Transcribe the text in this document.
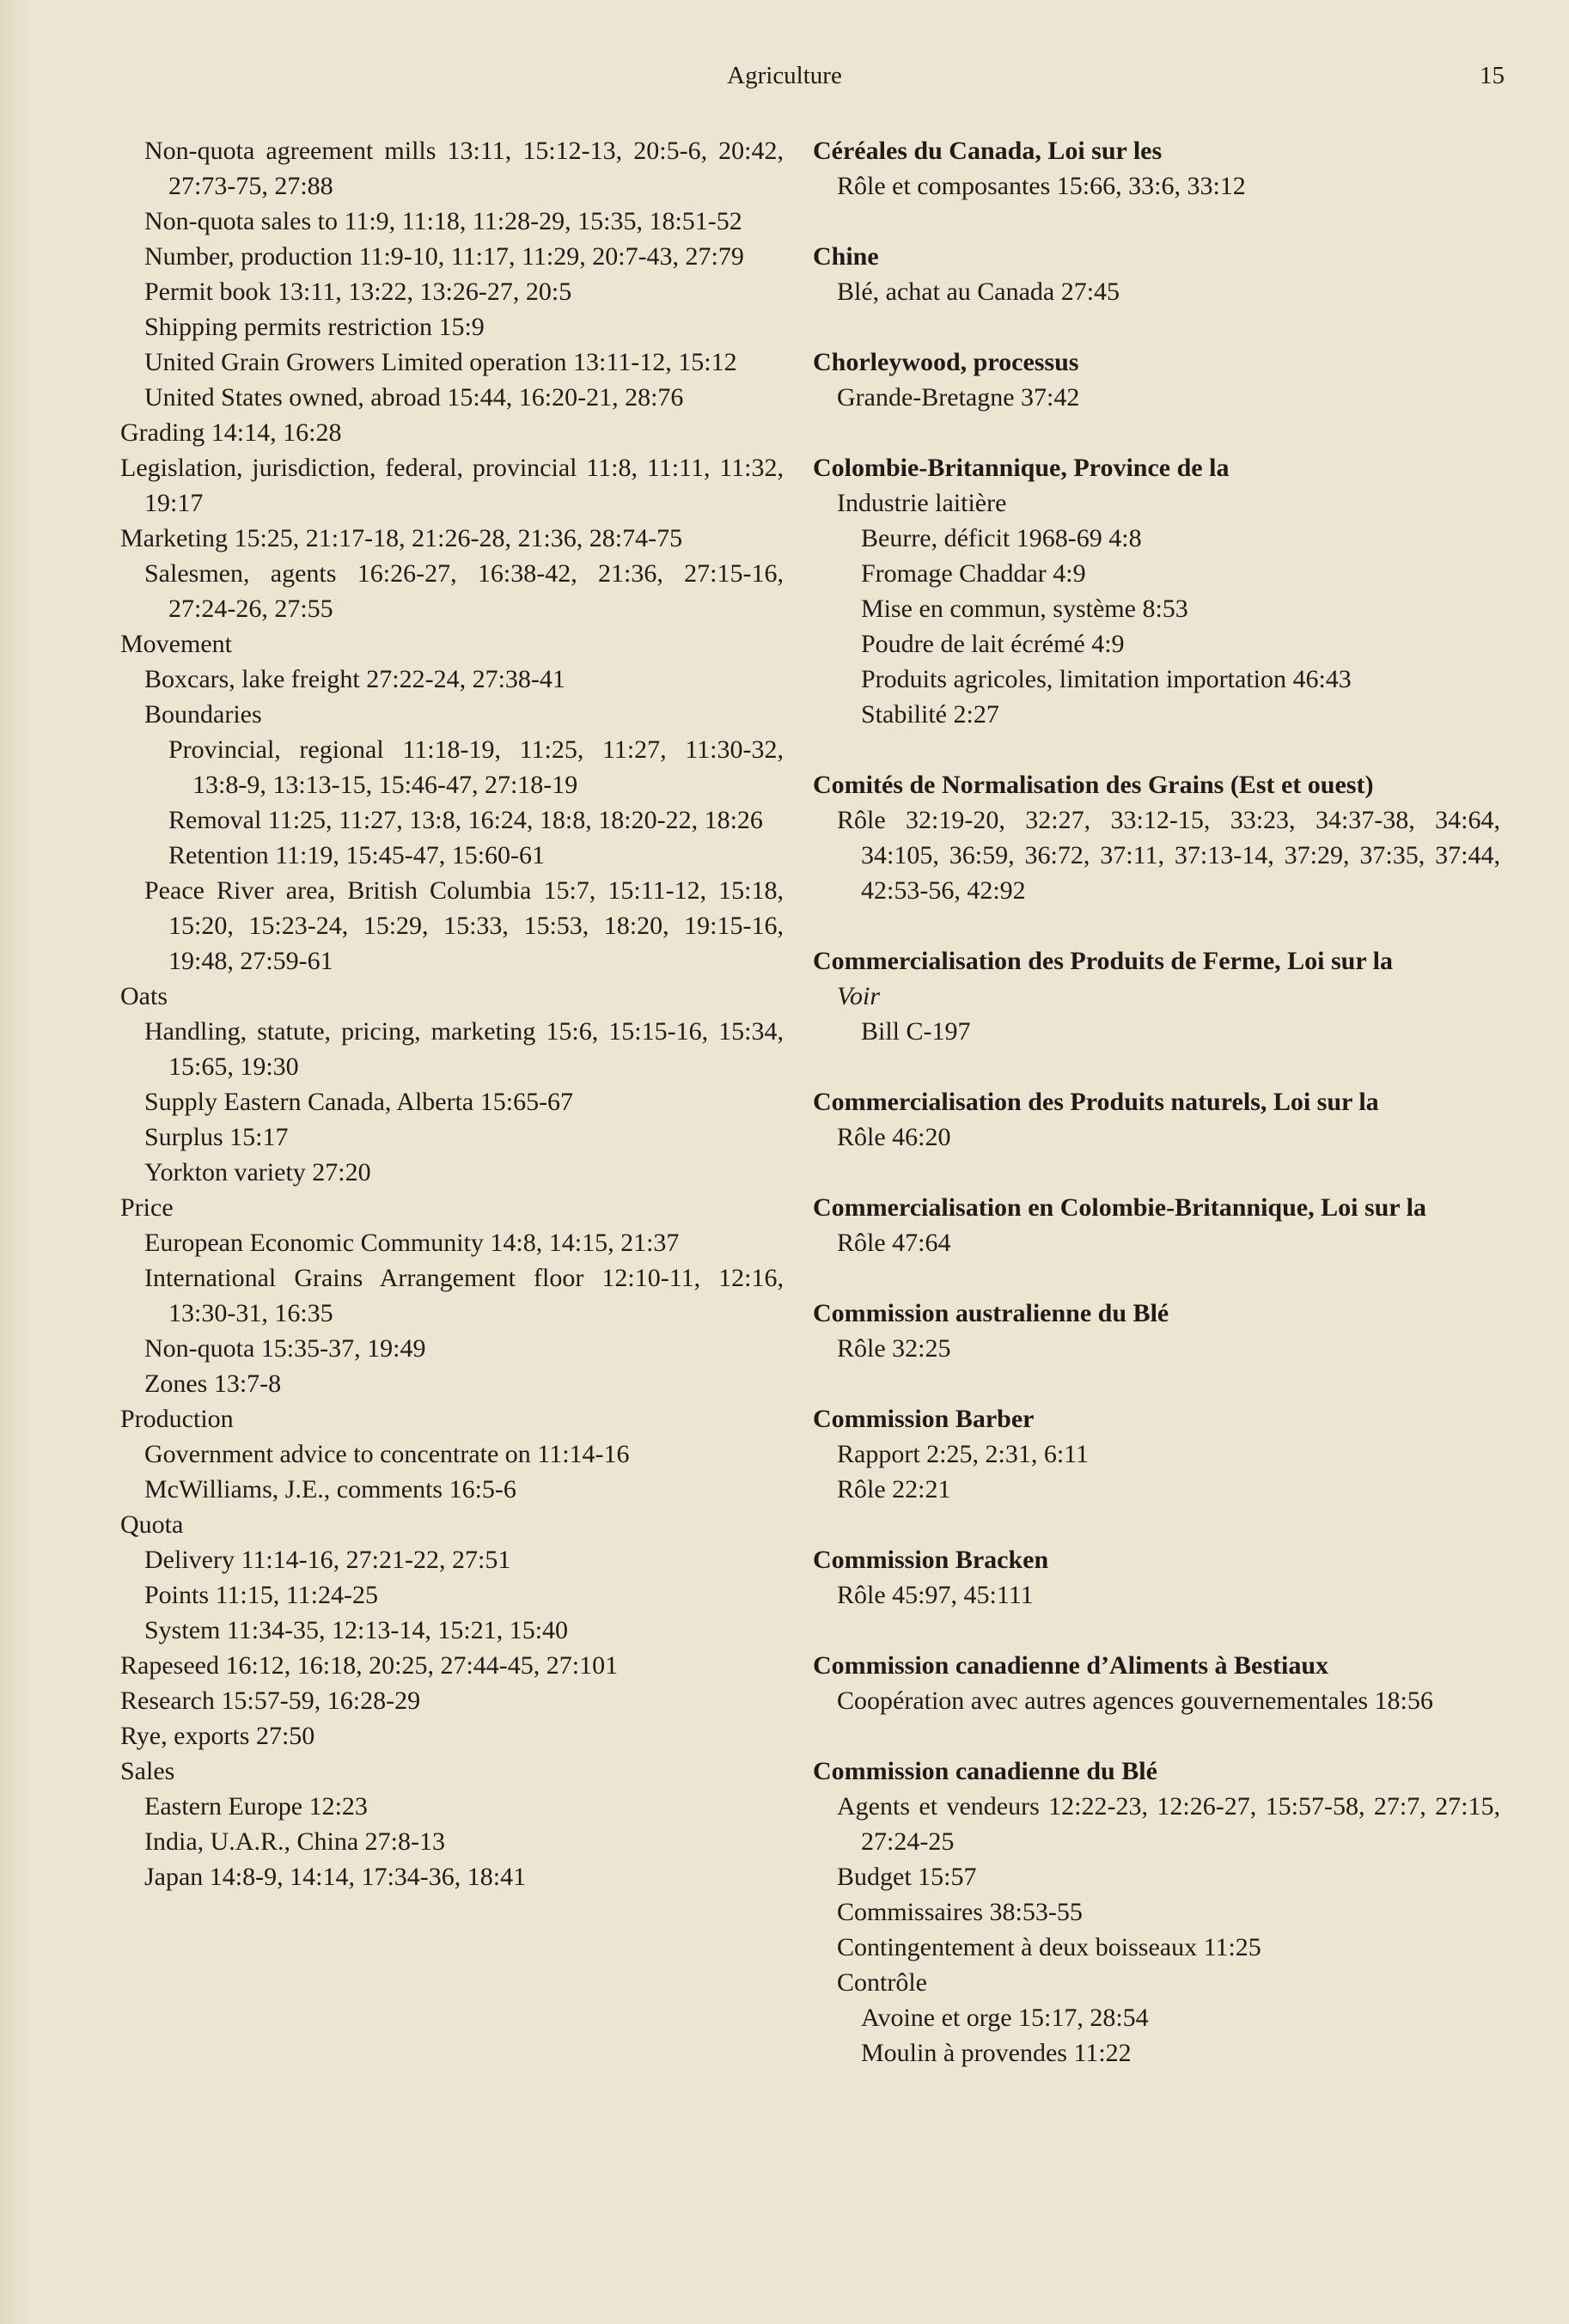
Agriculture	15
Non-quota agreement mills 13:11, 15:12-13, 20:5-6, 20:42, 27:73-75, 27:88
Non-quota sales to 11:9, 11:18, 11:28-29, 15:35, 18:51-52
Number, production 11:9-10, 11:17, 11:29, 20:7-43, 27:79
Permit book 13:11, 13:22, 13:26-27, 20:5
Shipping permits restriction 15:9
United Grain Growers Limited operation 13:11-12, 15:12
United States owned, abroad 15:44, 16:20-21, 28:76
Grading 14:14, 16:28
Legislation, jurisdiction, federal, provincial 11:8, 11:11, 11:32, 19:17
Marketing 15:25, 21:17-18, 21:26-28, 21:36, 28:74-75
Salesmen, agents 16:26-27, 16:38-42, 21:36, 27:15-16, 27:24-26, 27:55
Movement
Boxcars, lake freight 27:22-24, 27:38-41
Boundaries
Provincial, regional 11:18-19, 11:25, 11:27, 11:30-32, 13:8-9, 13:13-15, 15:46-47, 27:18-19
Removal 11:25, 11:27, 13:8, 16:24, 18:8, 18:20-22, 18:26
Retention 11:19, 15:45-47, 15:60-61
Peace River area, British Columbia 15:7, 15:11-12, 15:18, 15:20, 15:23-24, 15:29, 15:33, 15:53, 18:20, 19:15-16, 19:48, 27:59-61
Oats
Handling, statute, pricing, marketing 15:6, 15:15-16, 15:34, 15:65, 19:30
Supply Eastern Canada, Alberta 15:65-67
Surplus 15:17
Yorkton variety 27:20
Price
European Economic Community 14:8, 14:15, 21:37
International Grains Arrangement floor 12:10-11, 12:16, 13:30-31, 16:35
Non-quota 15:35-37, 19:49
Zones 13:7-8
Production
Government advice to concentrate on 11:14-16
McWilliams, J.E., comments 16:5-6
Quota
Delivery 11:14-16, 27:21-22, 27:51
Points 11:15, 11:24-25
System 11:34-35, 12:13-14, 15:21, 15:40
Rapeseed 16:12, 16:18, 20:25, 27:44-45, 27:101
Research 15:57-59, 16:28-29
Rye, exports 27:50
Sales
Eastern Europe 12:23
India, U.A.R., China 27:8-13
Japan 14:8-9, 14:14, 17:34-36, 18:41
Céréales du Canada, Loi sur les
Rôle et composantes 15:66, 33:6, 33:12
Chine
Blé, achat au Canada 27:45
Chorleywood, processus
Grande-Bretagne 37:42
Colombie-Britannique, Province de la
Industrie laitière
Beurre, déficit 1968-69 4:8
Fromage Chaddar 4:9
Mise en commun, système 8:53
Poudre de lait écrémé 4:9
Produits agricoles, limitation importation 46:43
Stabilité 2:27
Comités de Normalisation des Grains (Est et ouest)
Rôle 32:19-20, 32:27, 33:12-15, 33:23, 34:37-38, 34:64, 34:105, 36:59, 36:72, 37:11, 37:13-14, 37:29, 37:35, 37:44, 42:53-56, 42:92
Commercialisation des Produits de Ferme, Loi sur la
Voir
Bill C-197
Commercialisation des Produits naturels, Loi sur la
Rôle 46:20
Commercialisation en Colombie-Britannique, Loi sur la
Rôle 47:64
Commission australienne du Blé
Rôle 32:25
Commission Barber
Rapport 2:25, 2:31, 6:11
Rôle 22:21
Commission Bracken
Rôle 45:97, 45:111
Commission canadienne d’Aliments à Bestiaux
Coopération avec autres agences gouvernementales 18:56
Commission canadienne du Blé
Agents et vendeurs 12:22-23, 12:26-27, 15:57-58, 27:7, 27:15, 27:24-25
Budget 15:57
Commissaires 38:53-55
Contingentement à deux boisseaux 11:25
Contrôle
Avoine et orge 15:17, 28:54
Moulin à provendes 11:22
